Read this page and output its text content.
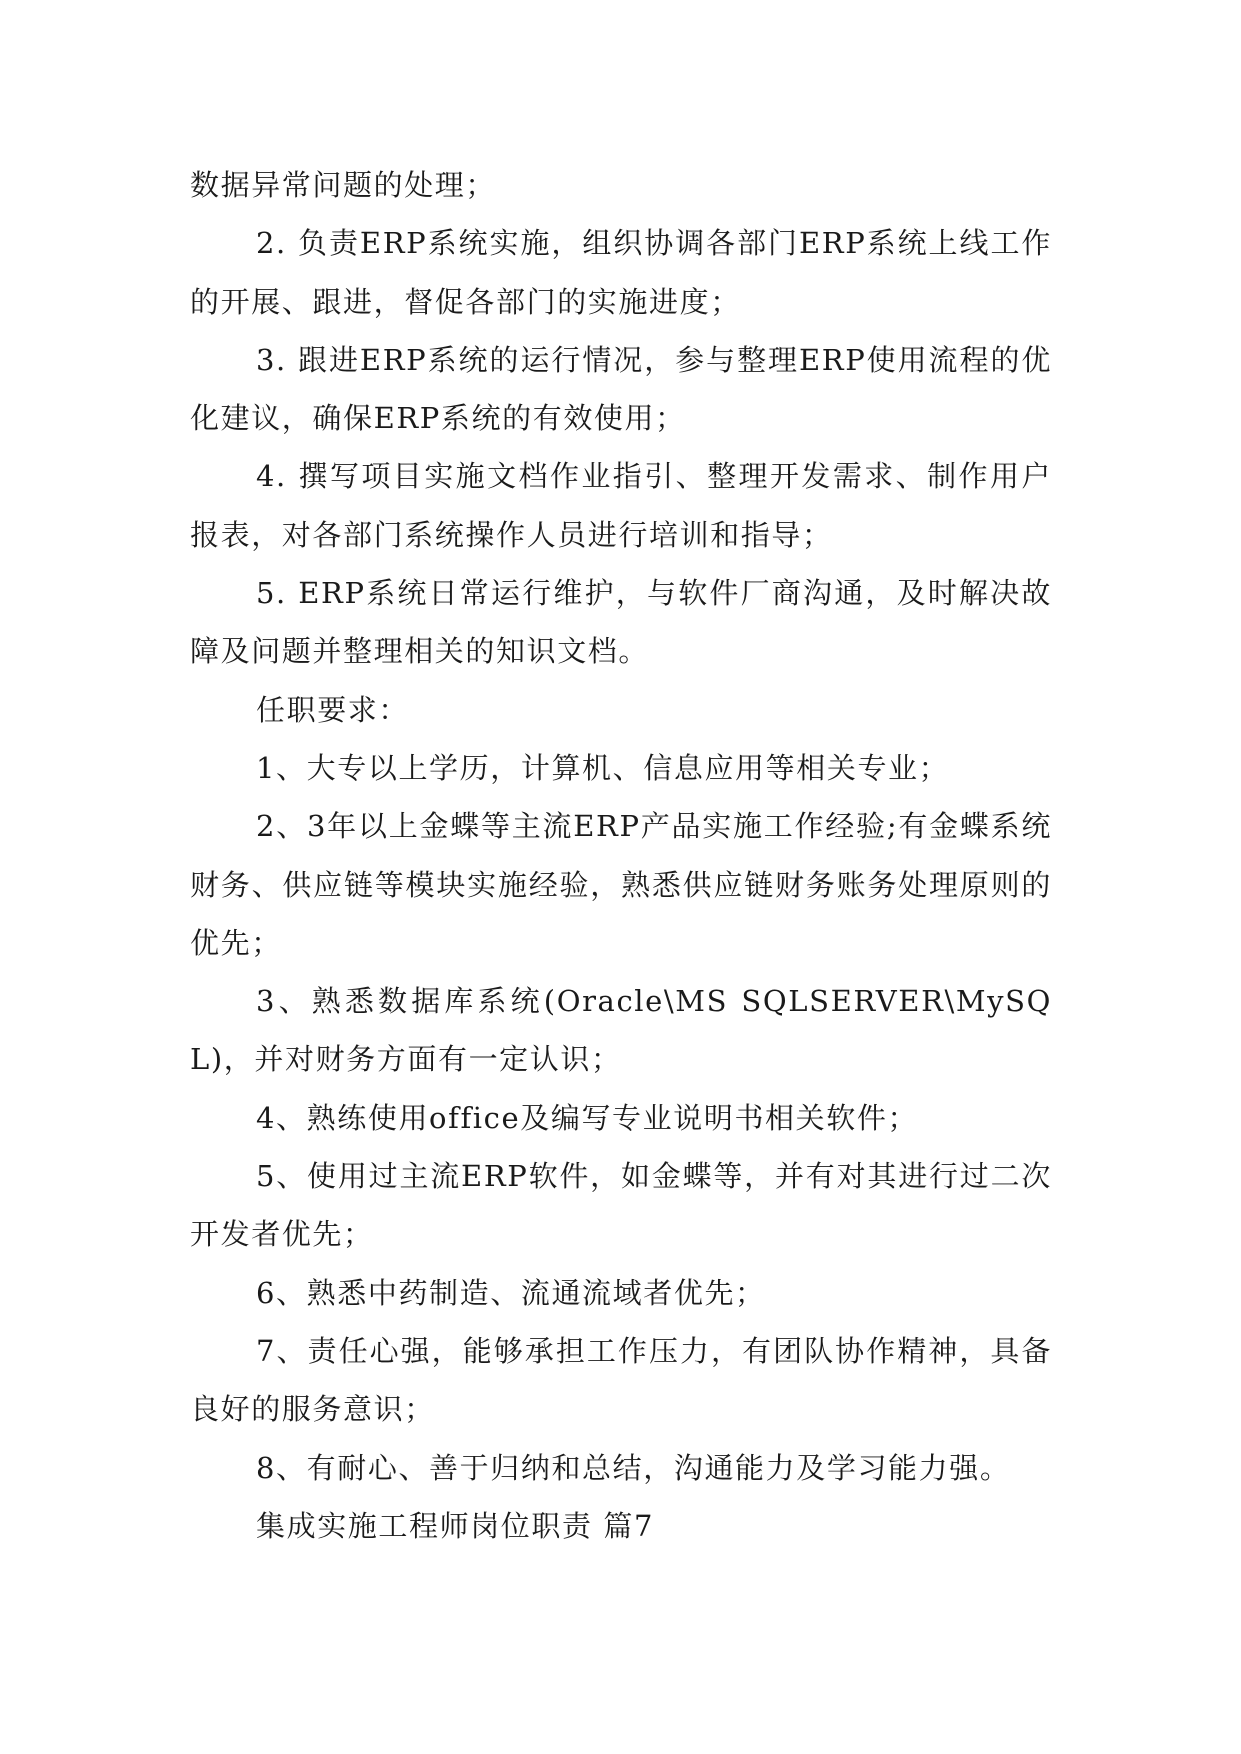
数据异常问题的处理；

2. 负责ERP系统实施，组织协调各部门ERP系统上线工作的开展、跟进，督促各部门的实施进度；

3. 跟进ERP系统的运行情况，参与整理ERP使用流程的优化建议，确保ERP系统的有效使用；

4. 撰写项目实施文档作业指引、整理开发需求、制作用户报表，对各部门系统操作人员进行培训和指导；

5. ERP系统日常运行维护，与软件厂商沟通，及时解决故障及问题并整理相关的知识文档。

任职要求：

1、大专以上学历，计算机、信息应用等相关专业；

2、3年以上金蝶等主流ERP产品实施工作经验;有金蝶系统财务、供应链等模块实施经验，熟悉供应链财务账务处理原则的优先；

3、熟悉数据库系统(Oracle\MS SQLSERVER\MySQL)，并对财务方面有一定认识；

4、熟练使用office及编写专业说明书相关软件；

5、使用过主流ERP软件，如金蝶等，并有对其进行过二次开发者优先；

6、熟悉中药制造、流通流域者优先；

7、责任心强，能够承担工作压力，有团队协作精神，具备良好的服务意识；

8、有耐心、善于归纳和总结，沟通能力及学习能力强。

集成实施工程师岗位职责 篇7
